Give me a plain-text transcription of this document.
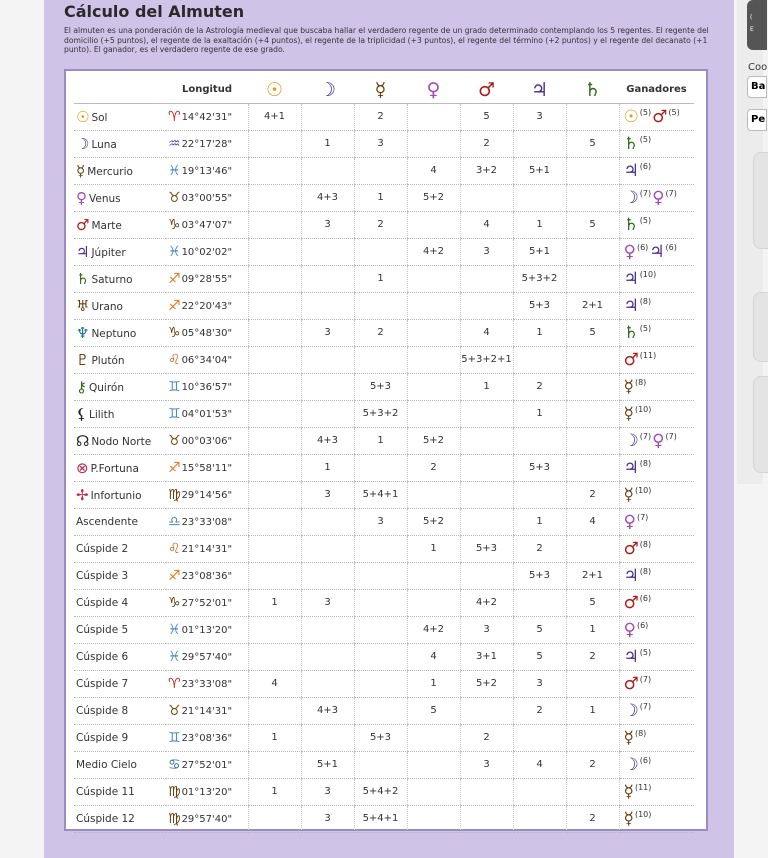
Cálculo del Almuten

El almuten es una ponderación de la Astrología medieval que buscaba hallar el verdadero regente de un grado determinado contemplando los 5 regentes. El regente del domicilio (+5 puntos), el regente de la exaltación (+4 puntos), el regente de la triplicidad (+3 puntos), el regente del término (+2 puntos) y el regente del decanato (+1 punto). El ganador, es el verdadero regente de ese grado.

	Longitud	☉	☽	☿	♀	♂	♃	♄	Ganadores
☉ Sol	♈14°42'31"	4+1		2		5	3		☉$^{(5)}$♂$^{(5)}$
☽ Luna	♒22°17'28"		1	3		2		5	♄$^{(5)}$
☿ Mercurio	♓19°13'46"				4	3+2	5+1		♃$^{(6)}$
♀ Venus	♉03°00'55"		4+3	1	5+2				☽$^{(7)}$♀$^{(7)}$
♂ Marte	♑03°47'07"		3	2		4	1	5	♄$^{(5)}$
♃ Júpiter	♓10°02'02"				4+2	3	5+1		♀$^{(6)}$♃$^{(6)}$
♄ Saturno	♐09°28'55"			1			5+3+2		♃$^{(10)}$
♅ Urano	♐22°20'43"						5+3	2+1	♃$^{(8)}$
♆ Neptuno	♑05°48'30"		3	2		4	1	5	♄$^{(5)}$
♇ Plutón	♌06°34'04"					5+3+2+1			♂$^{(11)}$
⚷ Quirón	♊10°36'57"			5+3		1	2		☿$^{(8)}$
⚸ Lilith	♊04°01'53"			5+3+2			1		☿$^{(10)}$
☊ Nodo Norte	♉00°03'06"		4+3	1	5+2				☽$^{(7)}$♀$^{(7)}$
⊗ P.Fortuna	♐15°58'11"		1		2		5+3		♃$^{(8)}$
✢ Infortunio	♍29°14'56"		3	5+4+1				2	☿$^{(10)}$
Ascendente	♎23°33'08"			3	5+2		1	4	♀$^{(7)}$
Cúspide 2	♌21°14'31"				1	5+3	2		♂$^{(8)}$
Cúspide 3	♐23°08'36"						5+3	2+1	♃$^{(8)}$
Cúspide 4	♑27°52'01"	1	3			4+2		5	♂$^{(6)}$
Cúspide 5	♓01°13'20"				4+2	3	5	1	♀$^{(6)}$
Cúspide 6	♓29°57'40"				4	3+1	5	2	♃$^{(5)}$
Cúspide 7	♈23°33'08"	4			1	5+2	3		♂$^{(7)}$
Cúspide 8	♉21°14'31"		4+3		5		2	1	☽$^{(7)}$
Cúspide 9	♊23°08'36"	1		5+3		2			☿$^{(8)}$
Medio Cielo	♋27°52'01"		5+1			3	4	2	☽$^{(6)}$
Cúspide 11	♍01°13'20"	1	3	5+4+2					☿$^{(11)}$
Cúspide 12	♍29°57'40"		3	5+4+1				2	☿$^{(10)}$
(
E
Coo
Ba
Pe
